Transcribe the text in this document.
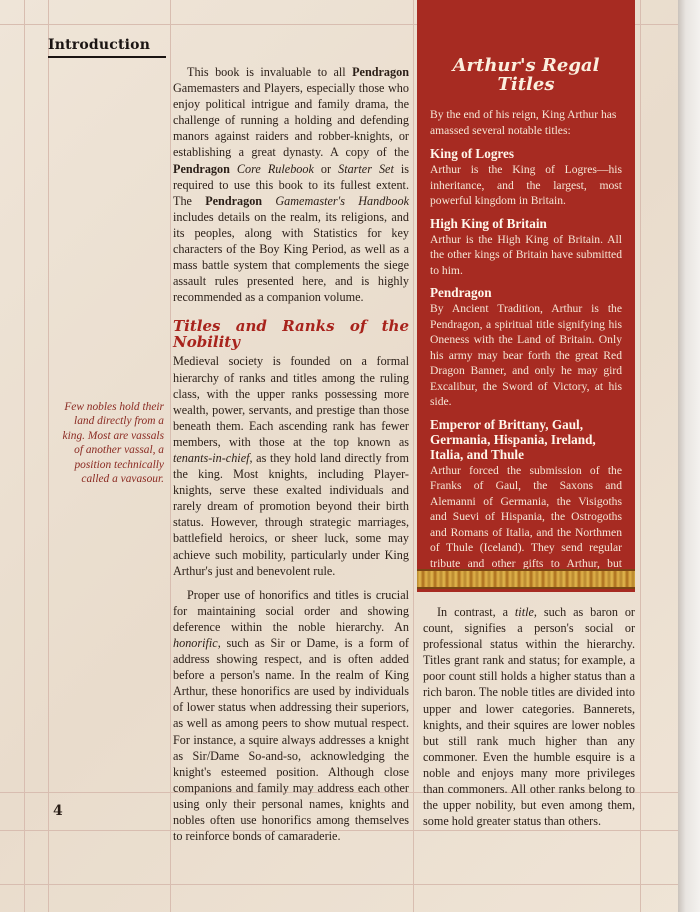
Introduction
Few nobles hold their land directly from a king. Most are vassals of another vassal, a position technically called a vavasour.

This book is invaluable to all Pendragon Gamemasters and Players, especially those who enjoy political intrigue and family drama, the challenge of running a holding and defending manors against raiders and robber-knights, or establishing a great dynasty. A copy of the Pendragon Core Rulebook or Starter Set is required to use this book to its fullest extent. The Pendragon Gamemaster's Handbook includes details on the realm, its religions, and its peoples, along with Statistics for key characters of the Boy King Period, as well as a mass battle system that complements the siege assault rules presented here, and is highly recommended as a companion volume.

Titles and Ranks of the Nobility

Medieval society is founded on a formal hierarchy of ranks and titles among the ruling class, with the upper ranks possessing more wealth, power, servants, and prestige than those beneath them. Each ascending rank has fewer members, with those at the top known as tenants-in-chief, as they hold land directly from the king. Most knights, including Player-knights, serve these exalted individuals and rarely dream of promotion beyond their birth status. However, through strategic marriages, battlefield heroics, or sheer luck, some may achieve such mobility, particularly under King Arthur's just and benevolent rule.

Proper use of honorifics and titles is crucial for maintaining social order and showing deference within the noble hierarchy. An honorific, such as Sir or Dame, is a form of address showing respect, and is often added before a person's name. In the realm of King Arthur, these honorifics are used by individuals of lower status when addressing their superiors, as well as among peers to show mutual respect. For instance, a squire always addresses a knight as Sir/Dame So-and-so, acknowledging the knight's esteemed position. Although close companions and family may address each other using only their personal names, knights and nobles often use honorifics among themselves to reinforce bonds of camaraderie.

Arthur's Regal Titles
By the end of his reign, King Arthur has amassed several notable titles:
King of Logres

Arthur is the King of Logres—his inheritance, and the largest, most powerful kingdom in Britain.

High King of Britain

Arthur is the High King of Britain. All the other kings of Britain have submitted to him.

Pendragon

By Ancient Tradition, Arthur is the Pendragon, a spiritual title signifying his Oneness with the Land of Britain. Only his army may bear forth the great Red Dragon Banner, and only he may gird Excalibur, the Sword of Victory, at his side.

Emperor of Brittany, Gaul, Germania, Hispania, Ireland, Italia, and Thule

Arthur forced the submission of the Franks of Gaul, the Saxons and Alemanni of Germania, the Visigoths and Suevi of Hispania, the Ostrogoths and Romans of Italia, and the Northmen of Thule (Iceland). They send regular tribute and other gifts to Arthur, but

In contrast, a title, such as baron or count, signifies a person's social or professional status within the hierarchy. Titles grant rank and status; for example, a poor count still holds a higher status than a rich baron. The noble titles are divided into upper and lower categories. Bannerets, knights, and their squires are lower nobles but still rank much higher than any commoner. Even the humble esquire is a noble and enjoys many more privileges than commoners. All other ranks belong to the upper nobility, but even among them, some hold greater status than others.

4
